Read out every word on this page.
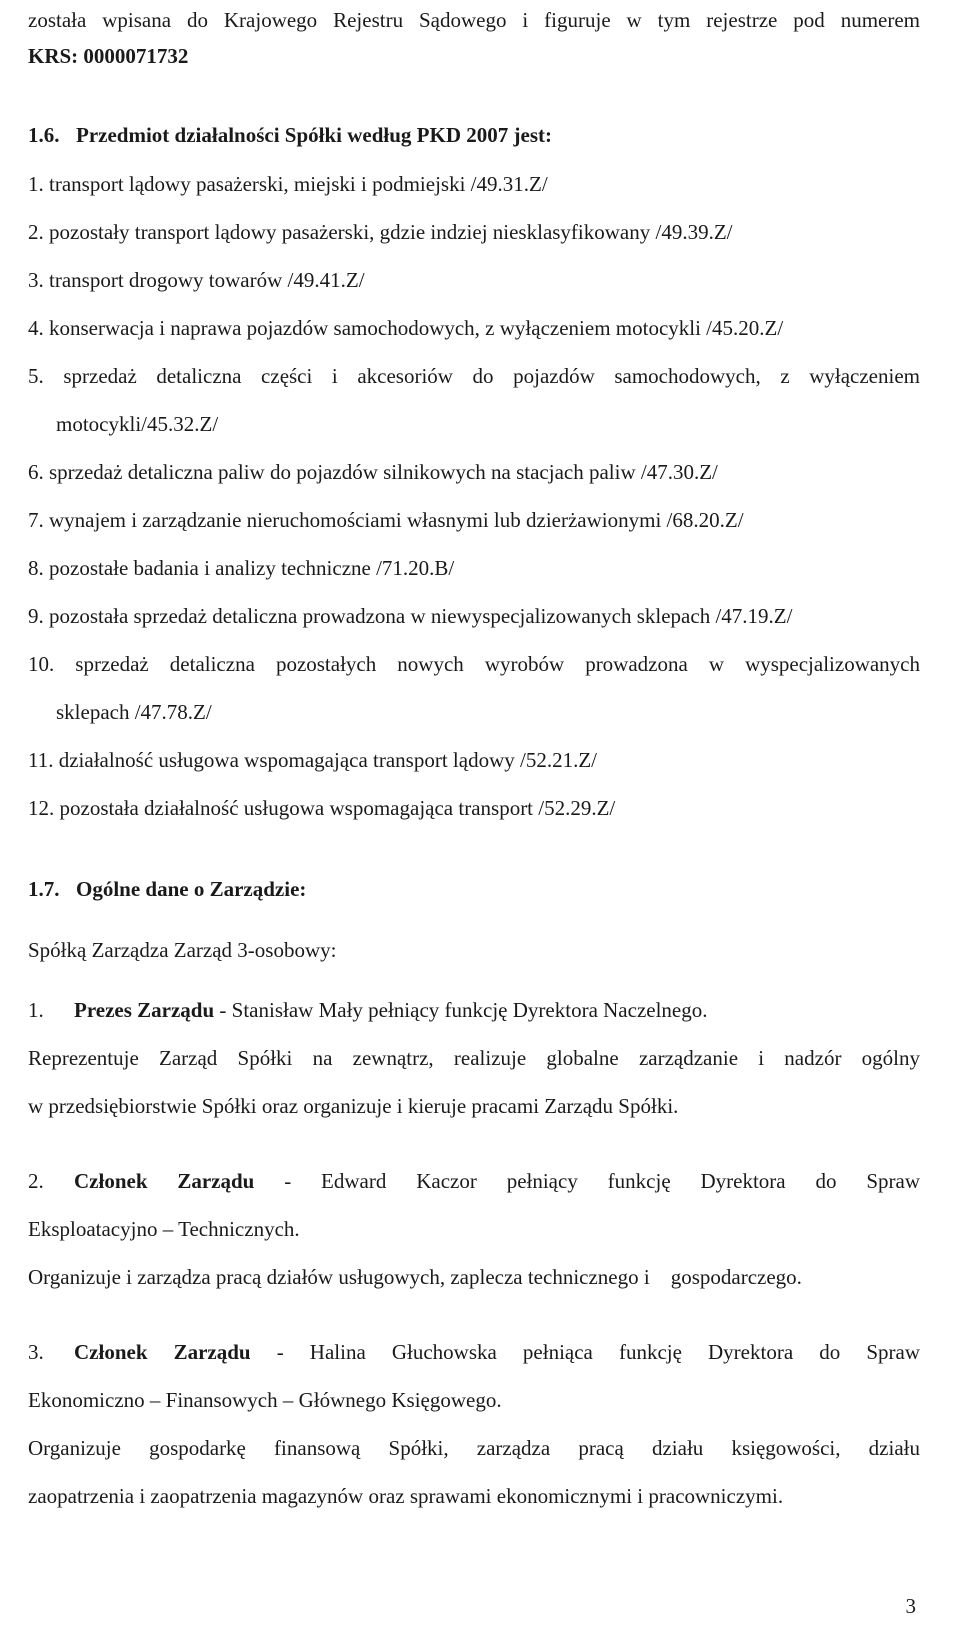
została wpisana do Krajowego Rejestru Sądowego i figuruje w tym rejestrze pod numerem
KRS: 0000071732
1.6. Przedmiot działalności Spółki według PKD 2007 jest:
1. transport lądowy pasażerski, miejski i podmiejski /49.31.Z/
2. pozostały transport lądowy pasażerski, gdzie indziej niesklasyfikowany /49.39.Z/
3. transport drogowy towarów /49.41.Z/
4. konserwacja i naprawa pojazdów samochodowych, z wyłączeniem motocykli /45.20.Z/
5. sprzedaż detaliczna części i akcesoriów do pojazdów samochodowych, z wyłączeniem
motocykli/45.32.Z/
6. sprzedaż detaliczna paliw do pojazdów silnikowych na stacjach paliw /47.30.Z/
7. wynajem i zarządzanie nieruchomościami własnymi lub dzierżawionymi /68.20.Z/
8. pozostałe badania i analizy techniczne /71.20.B/
9. pozostała sprzedaż detaliczna prowadzona w niewyspecjalizowanych sklepach /47.19.Z/
10. sprzedaż detaliczna pozostałych nowych wyrobów prowadzona w wyspecjalizowanych
sklepach /47.78.Z/
11. działalność usługowa wspomagająca transport lądowy /52.21.Z/
12. pozostała działalność usługowa wspomagająca transport /52.29.Z/
1.7. Ogólne dane o Zarządzie:
Spółką Zarządza Zarząd 3-osobowy:
1. Prezes Zarządu - Stanisław Mały pełniący funkcję Dyrektora Naczelnego.
Reprezentuje Zarząd Spółki na zewnątrz, realizuje globalne zarządzanie i nadzór ogólny
w przedsiębiorstwie Spółki oraz organizuje i kieruje pracami Zarządu Spółki.
2. Członek Zarządu - Edward Kaczor pełniący funkcję Dyrektora do Spraw
Eksploatacyjno – Technicznych.
Organizuje i zarządza pracą działów usługowych, zaplecza technicznego i    gospodarczego.
3. Członek Zarządu - Halina Głuchowska pełniąca funkcję Dyrektora do Spraw
Ekonomiczno – Finansowych – Głównego Księgowego.
Organizuje gospodarkę finansową Spółki, zarządza pracą działu księgowości, działu
zaopatrzenia i zaopatrzenia magazynów oraz sprawami ekonomicznymi i pracowniczymi.
3
